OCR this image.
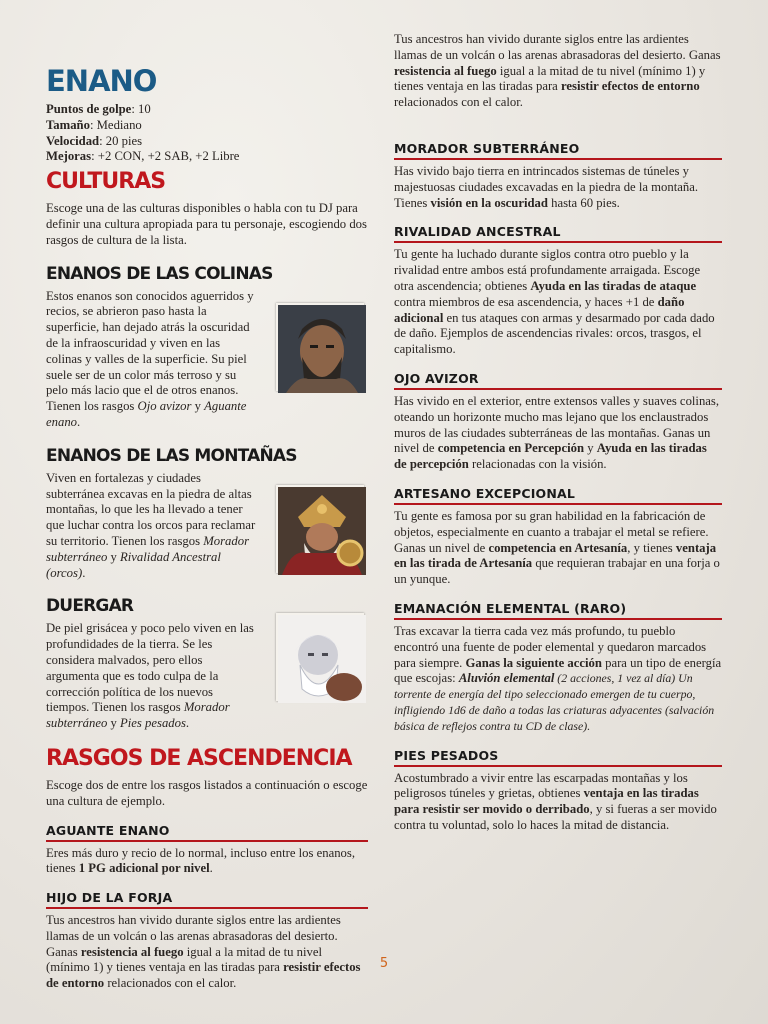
ENANO
Puntos de golpe: 10
Tamaño: Mediano
Velocidad: 20 pies
Mejoras: +2 CON, +2 SAB, +2 Libre
CULTURAS

Escoge una de las culturas disponibles o habla con tu DJ para definir una cultura apropiada para tu personaje, escogiendo dos rasgos de cultura de la lista.

ENANOS DE LAS COLINAS

Estos enanos son conocidos aguerridos y recios, se abrieron paso hasta la superficie, han dejado atrás la oscuridad de la infraoscuridad y viven en las colinas y valles de la superficie. Su piel suele ser de un color más terroso y su pelo más lacio que el de otros enanos. Tienen los rasgos Ojo avizor y Aguante enano.

ENANOS DE LAS MONTAÑAS

Viven en fortalezas y ciudades subterránea excavas en la piedra de altas montañas, lo que les ha llevado a tener que luchar contra los orcos para reclamar su territorio. Tienen los rasgos Morador subterráneo y Rivalidad Ancestral (orcos).

DUERGAR

De piel grisácea y poco pelo viven en las profundidades de la tierra. Se les considera malvados, pero ellos argumenta que es todo culpa de la corrección política de los nuevos tiempos. Tienen los rasgos Morador subterráneo y Pies pesados.

RASGOS DE ASCENDENCIA

Escoge dos de entre los rasgos listados a continuación o escoge una cultura de ejemplo.

AGUANTE ENANO

Eres más duro y recio de lo normal, incluso entre los enanos, tienes 1 PG adicional por nivel.

HIJO DE LA FORJA

Tus ancestros han vivido durante siglos entre las ardientes llamas de un volcán o las arenas abrasadoras del desierto. Ganas resistencia al fuego igual a la mitad de tu nivel (mínimo 1) y tienes ventaja en las tiradas para resistir efectos de entorno relacionados con el calor.

Tus ancestros han vivido durante siglos entre las ardientes llamas de un volcán o las arenas abrasadoras del desierto. Ganas resistencia al fuego igual a la mitad de tu nivel (mínimo 1) y tienes ventaja en las tiradas para resistir efectos de entorno relacionados con el calor.

MORADOR SUBTERRÁNEO

Has vivido bajo tierra en intrincados sistemas de túneles y majestuosas ciudades excavadas en la piedra de la montaña. Tienes visión en la oscuridad hasta 60 pies.

RIVALIDAD ANCESTRAL

Tu gente ha luchado durante siglos contra otro pueblo y la rivalidad entre ambos está profundamente arraigada. Escoge otra ascendencia; obtienes Ayuda en las tiradas de ataque contra miembros de esa ascendencia, y haces +1 de daño adicional en tus ataques con armas y desarmado por cada dado de daño. Ejemplos de ascendencias rivales: orcos, trasgos, el capitalismo.

OJO AVIZOR

Has vivido en el exterior, entre extensos valles y suaves colinas, oteando un horizonte mucho mas lejano que los enclaustrados muros de las ciudades subterráneas de las montañas. Ganas un nivel de competencia en Percepción y Ayuda en las tiradas de percepción relacionadas con la visión.

ARTESANO EXCEPCIONAL

Tu gente es famosa por su gran habilidad en la fabricación de objetos, especialmente en cuanto a trabajar el metal se refiere. Ganas un nivel de competencia en Artesanía, y tienes ventaja en las tirada de Artesanía que requieran trabajar en una forja o un yunque.

EMANACIÓN ELEMENTAL (RARO)

Tras excavar la tierra cada vez más profundo, tu pueblo encontró una fuente de poder elemental y quedaron marcados para siempre. Ganas la siguiente acción para un tipo de energía que escojas: Aluvión elemental (2 acciones, 1 vez al día) Un torrente de energía del tipo seleccionado emergen de tu cuerpo, infligiendo 1d6 de daño a todas las criaturas adyacentes (salvación básica de reflejos contra tu CD de clase).

PIES PESADOS

Acostumbrado a vivir entre las escarpadas montañas y los peligrosos túneles y grietas, obtienes ventaja en las tiradas para resistir ser movido o derribado, y si fueras a ser movido contra tu voluntad, solo lo haces la mitad de distancia.

5
